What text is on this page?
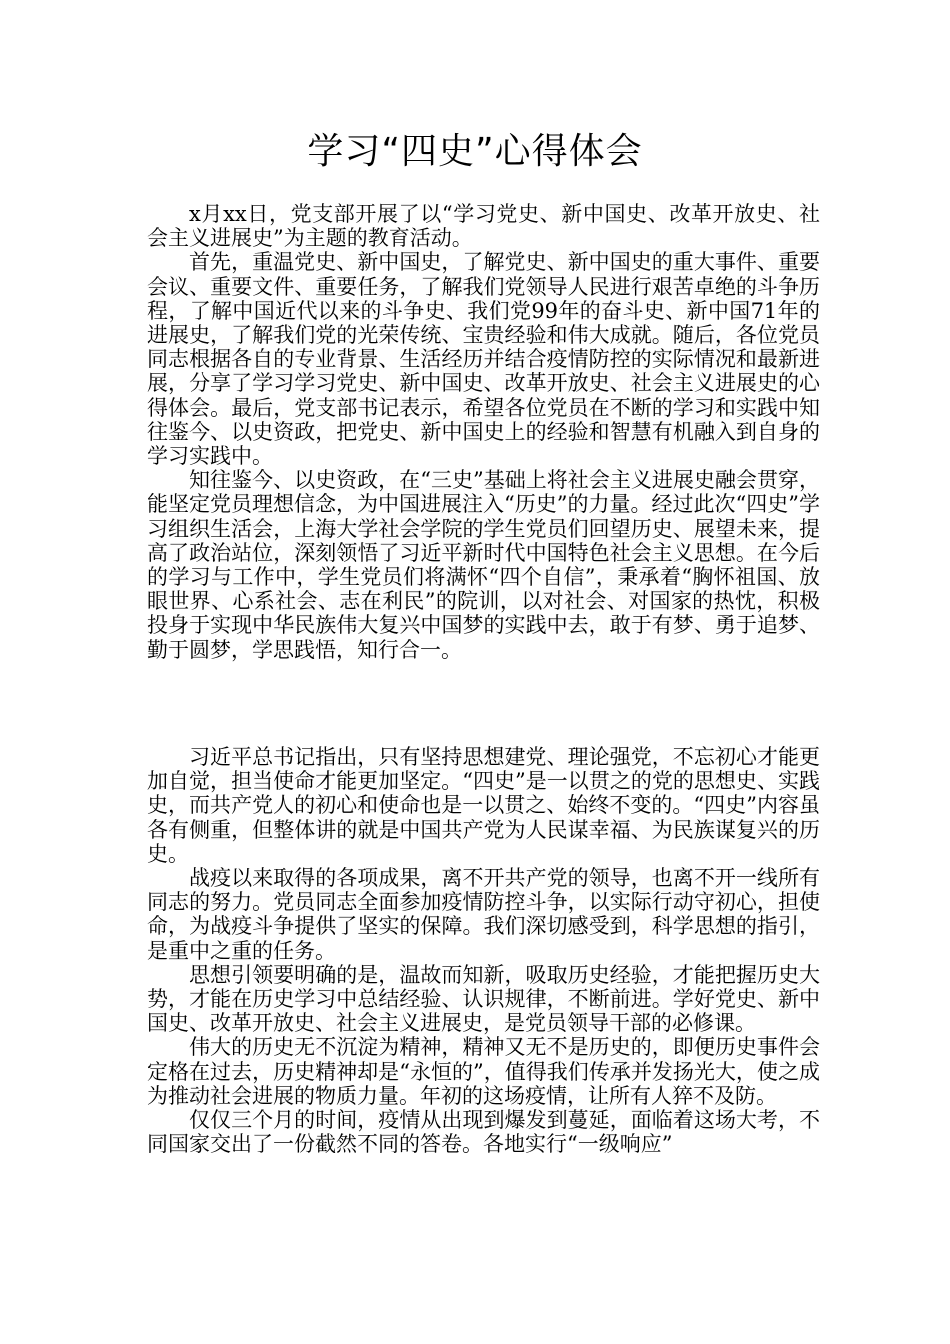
学习“四史”心得体会

x月xx日，党支部开展了以“学习党史、新中国史、改革开放史、社会主义进展史”为主题的教育活动。

首先，重温党史、新中国史，了解党史、新中国史的重大事件、重要会议、重要文件、重要任务，了解我们党领导人民进行艰苦卓绝的斗争历程，了解中国近代以来的斗争史、我们党99年的奋斗史、新中国71年的进展史，了解我们党的光荣传统、宝贵经验和伟大成就。随后，各位党员同志根据各自的专业背景、生活经历并结合疫情防控的实际情况和最新进展，分享了学习学习党史、新中国史、改革开放史、社会主义进展史的心得体会。最后，党支部书记表示，希望各位党员在不断的学习和实践中知往鉴今、以史资政，把党史、新中国史上的经验和智慧有机融入到自身的学习实践中。

知往鉴今、以史资政，在“三史”基础上将社会主义进展史融会贯穿，能坚定党员理想信念，为中国进展注入“历史”的力量。经过此次“四史”学习组织生活会，上海大学社会学院的学生党员们回望历史、展望未来，提高了政治站位，深刻领悟了习近平新时代中国特色社会主义思想。在今后的学习与工作中，学生党员们将满怀“四个自信”，秉承着“胸怀祖国、放眼世界、心系社会、志在利民”的院训，以对社会、对国家的热忱，积极投身于实现中华民族伟大复兴中国梦的实践中去，敢于有梦、勇于追梦、勤于圆梦，学思践悟，知行合一。

习近平总书记指出，只有坚持思想建党、理论强党，不忘初心才能更加自觉，担当使命才能更加坚定。“四史”是一以贯之的党的思想史、实践史，而共产党人的初心和使命也是一以贯之、始终不变的。“四史”内容虽各有侧重，但整体讲的就是中国共产党为人民谋幸福、为民族谋复兴的历史。

战疫以来取得的各项成果，离不开共产党的领导，也离不开一线所有同志的努力。党员同志全面参加疫情防控斗争，以实际行动守初心，担使命，为战疫斗争提供了坚实的保障。我们深切感受到，科学思想的指引，是重中之重的任务。

思想引领要明确的是，温故而知新，吸取历史经验，才能把握历史大势，才能在历史学习中总结经验、认识规律，不断前进。学好党史、新中国史、改革开放史、社会主义进展史，是党员领导干部的必修课。

伟大的历史无不沉淀为精神，精神又无不是历史的，即便历史事件会定格在过去，历史精神却是“永恒的”，值得我们传承并发扬光大，使之成为推动社会进展的物质力量。年初的这场疫情，让所有人猝不及防。

仅仅三个月的时间，疫情从出现到爆发到蔓延，面临着这场大考，不同国家交出了一份截然不同的答卷。各地实行“一级响应”
